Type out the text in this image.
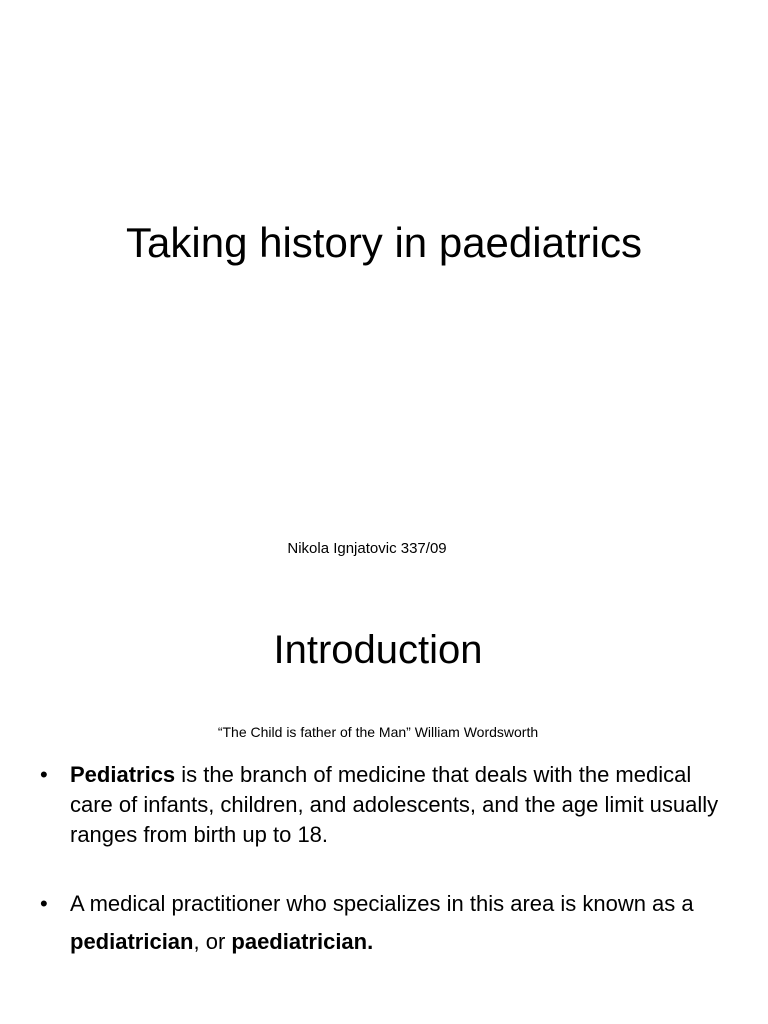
Taking history in paediatrics

Nikola Ignjatovic 337/09

Introduction

“The Child is father of the Man” William Wordsworth

• Pediatrics is the branch of medicine that deals with the medical care of infants, children, and adolescents, and the age limit usually ranges from birth up to 18.
• A medical practitioner who specializes in this area is known as a pediatrician, or paediatrician.
